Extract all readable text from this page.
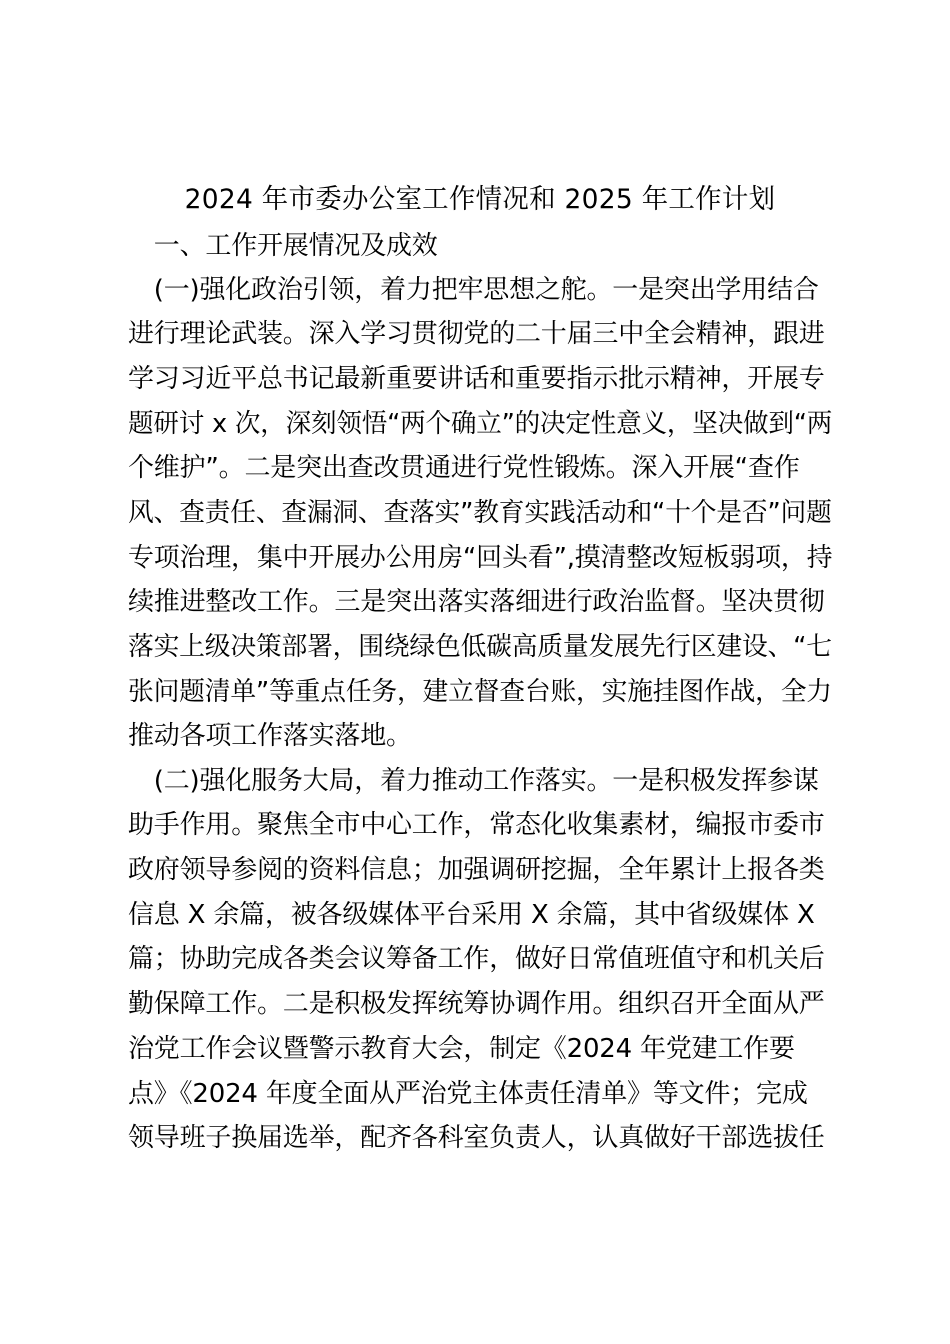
2024 年市委办公室工作情况和 2025 年工作计划
　一、工作开展情况及成效
　(一)强化政治引领，着力把牢思想之舵。一是突出学用结合
进行理论武装。深入学习贯彻党的二十届三中全会精神，跟进
学习习近平总书记最新重要讲话和重要指示批示精神，开展专
题研讨 x 次，深刻领悟“两个确立”的决定性意义，坚决做到“两
个维护”。二是突出查改贯通进行党性锻炼。深入开展“查作
风、查责任、查漏洞、查落实”教育实践活动和“十个是否”问题
专项治理，集中开展办公用房“回头看”,摸清整改短板弱项，持
续推进整改工作。三是突出落实落细进行政治监督。坚决贯彻
落实上级决策部署，围绕绿色低碳高质量发展先行区建设、“七
张问题清单”等重点任务，建立督查台账，实施挂图作战，全力
推动各项工作落实落地。
　(二)强化服务大局，着力推动工作落实。一是积极发挥参谋
助手作用。聚焦全市中心工作，常态化收集素材，编报市委市
政府领导参阅的资料信息；加强调研挖掘，全年累计上报各类
信息 X 余篇，被各级媒体平台采用 X 余篇，其中省级媒体 X
篇；协助完成各类会议筹备工作，做好日常值班值守和机关后
勤保障工作。二是积极发挥统筹协调作用。组织召开全面从严
治党工作会议暨警示教育大会，制定《2024 年党建工作要
点》《2024 年度全面从严治党主体责任清单》等文件；完成
领导班子换届选举，配齐各科室负责人，认真做好干部选拔任
